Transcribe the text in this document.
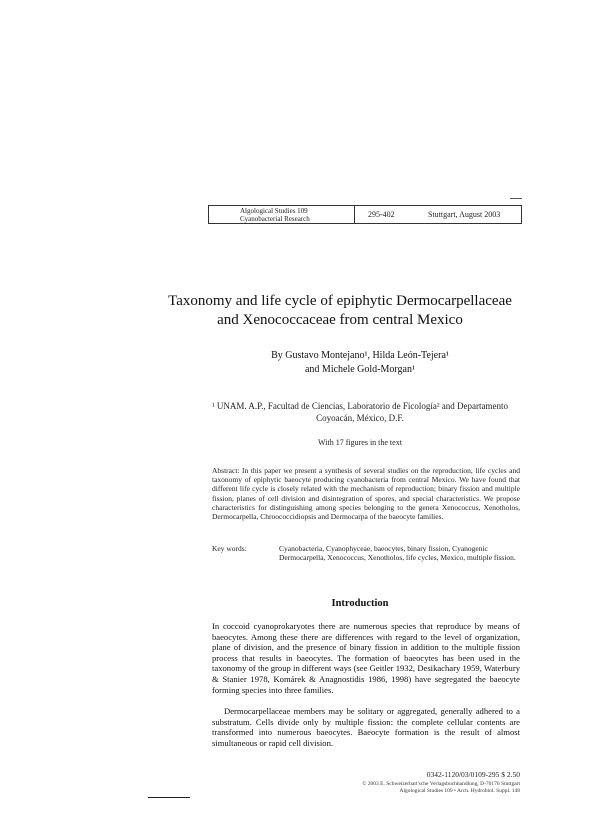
Algological Studies 109
Cyanobacterial Research	295-402	Stuttgart, August 2003
Taxonomy and life cycle of epiphytic Dermocarpellaceae and Xenococcaceae from central Mexico
By Gustavo Montejano¹, Hilda León-Tejera¹
and Michele Gold-Morgan¹
¹ UNAM. A.P., Facultad de Ciencias, Laboratorio de Ficología² and Departamento
Coyoacán, México, D.F.
With 17 figures in the text
Abstract: In this paper we present a synthesis of several studies on the reproduction, life cycles and taxonomy of epiphytic baeocyte producing cyanobacteria from central Mexico. We have found that different life cycle is closely related with the mechanism of reproduction; binary fission and multiple fission, planes of cell division and disintegration of spores, and special characteristics. We propose characteristics for distinguishing among species belonging to the genera Xenococcus, Xenotholos, Dermocarpella, Chroococcidiopsis and Dermocarpa of the baeocyte families.
Key words:	Cyanobacteria, Cyanophyceae, baeocytes, binary fission, Cyanogenic Dermocarpella, Xenococcus, Xenotholos, life cycles, Mexico, multiple fission.
Introduction
In coccoid cyanoprokaryotes there are numerous species that reproduce by means of baeocytes. Among these there are differences with regard to the level of organization, plane of division, and the presence of binary fission in addition to the multiple fission process that results in baeocytes. The formation of baeocytes has been used in the taxonomy of the group in different ways (see Geitler 1932, Desikachary 1959, Waterbury & Stanier 1978, Komárek & Anagnostidis 1986, 1998) have segregated the baeocyte forming species into three families.
Dermocarpellaceae members may be solitary or aggregated, generally adhered to a substratum. Cells divide only by multiple fission: the complete cellular contents are transformed into numerous baeocytes. Baeocyte formation is the result of almost simultaneous or rapid cell division.
0342-1120/03/0109-295 $ 2.50
© 2003 E. Schweizerbart'sche Verlagsbuchhandlung, D-70176 Stuttgart
Algological Studies 109 • Arch. Hydrobiol. Suppl. 148
